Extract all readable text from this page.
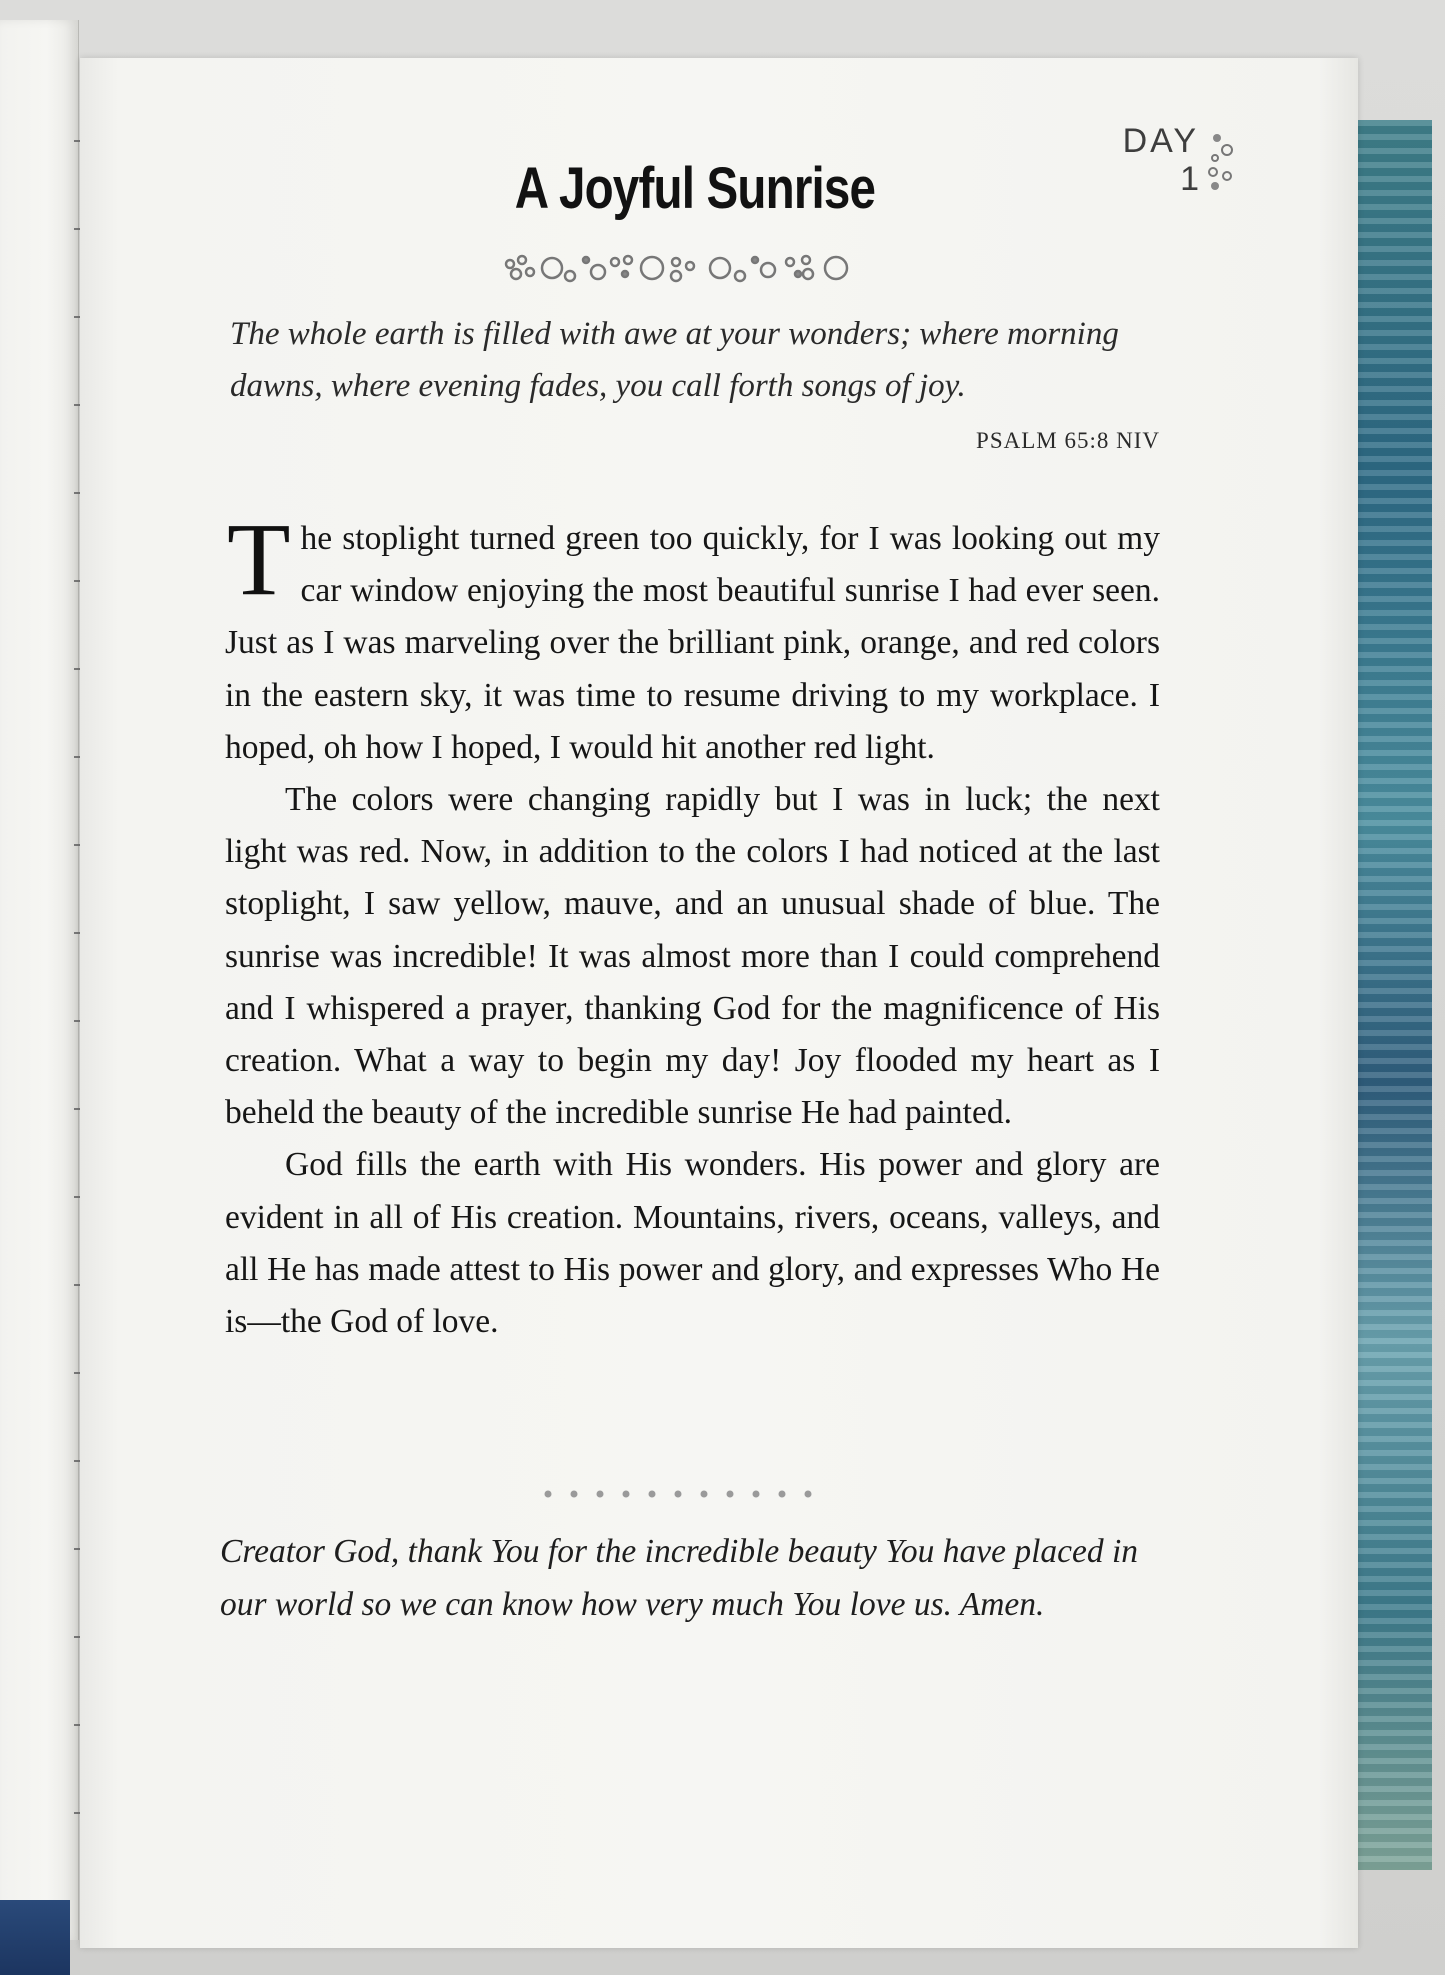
DAY
1
A Joyful Sunrise
The whole earth is filled with awe at your wonders; where morning dawns, where evening fades, you call forth songs of joy.
PSALM 65:8 NIV

The stoplight turned green too quickly, for I was looking out my car window enjoying the most beautiful sunrise I had ever seen. Just as I was marveling over the brilliant pink, orange, and red colors in the eastern sky, it was time to resume driving to my workplace. I hoped, oh how I hoped, I would hit another red light.

The colors were changing rapidly but I was in luck; the next light was red. Now, in addition to the colors I had noticed at the last stoplight, I saw yellow, mauve, and an unusual shade of blue. The sunrise was incredible! It was almost more than I could comprehend and I whispered a prayer, thanking God for the magnificence of His creation. What a way to begin my day! Joy flooded my heart as I beheld the beauty of the incredible sunrise He had painted.

God fills the earth with His wonders. His power and glory are evident in all of His creation. Mountains, rivers, oceans, valleys, and all He has made attest to His power and glory, and expresses Who He is—the God of love.

Creator God, thank You for the incredible beauty You have placed in our world so we can know how very much You love us. Amen.
